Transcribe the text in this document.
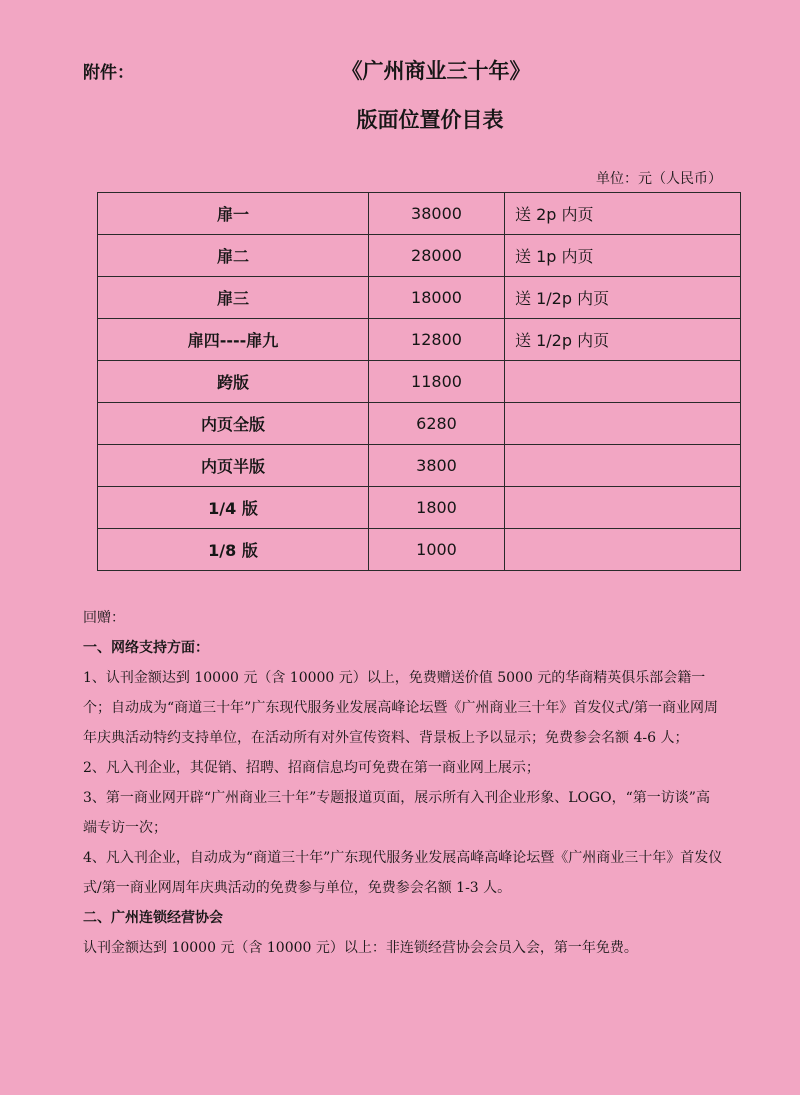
附件：	《广州商业三十年》
版面位置价目表
单位：元（人民币）
扉一	38000	送 2p 内页
扉二	28000	送 1p 内页
扉三	18000	送 1/2p 内页
扉四----扉九	12800	送 1/2p 内页
跨版	11800	
内页全版	6280	
内页半版	3800	
1/4 版	1800	
1/8 版	1000	

回赠：

一、网络支持方面：

1、认刊金额达到 10000 元（含 10000 元）以上，免费赠送价值 5000 元的华商精英俱乐部会籍一个；自动成为“商道三十年”广东现代服务业发展高峰论坛暨《广州商业三十年》首发仪式/第一商业网周年庆典活动特约支持单位，在活动所有对外宣传资料、背景板上予以显示；免费参会名额 4-6 人；

2、凡入刊企业，其促销、招聘、招商信息均可免费在第一商业网上展示；

3、第一商业网开辟“广州商业三十年”专题报道页面，展示所有入刊企业形象、LOGO，“第一访谈”高端专访一次；

4、凡入刊企业，自动成为“商道三十年”广东现代服务业发展高峰高峰论坛暨《广州商业三十年》首发仪式/第一商业网周年庆典活动的免费参与单位，免费参会名额 1-3 人。

二、广州连锁经营协会

认刊金额达到 10000 元（含 10000 元）以上：非连锁经营协会会员入会，第一年免费。
